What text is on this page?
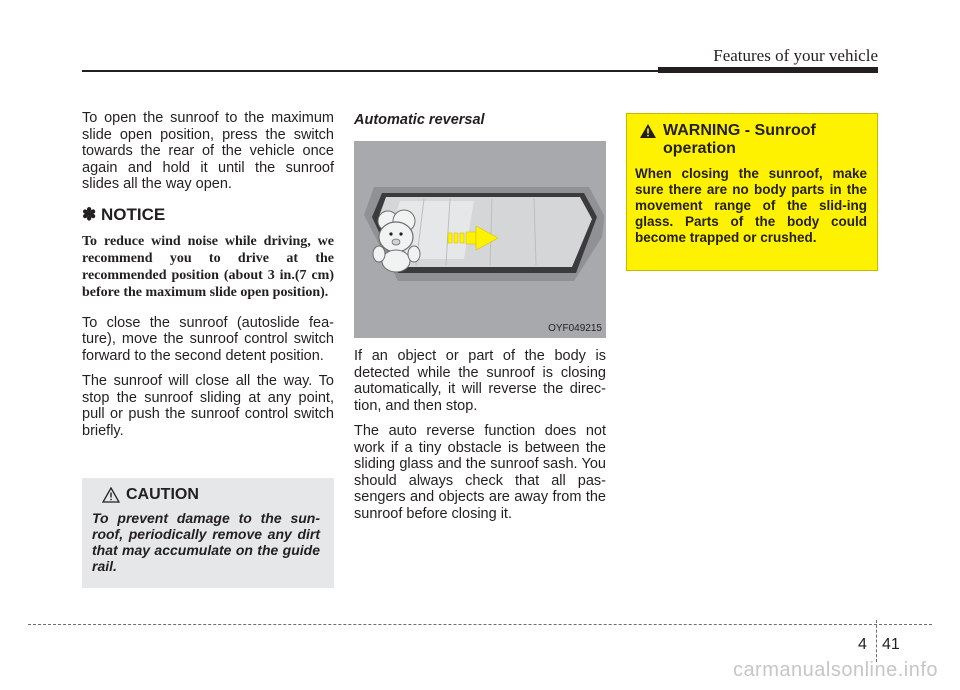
Features of your vehicle

To open the sunroof to the maximum slide open position, press the switch towards the rear of the vehicle once again and hold it until the sunroof slides all the way open.

✽ NOTICE

To reduce wind noise while driving, we recommend you to drive at the recommended position (about 3 in.(7 cm) before the maximum slide open position).

To close the sunroof (autoslide fea-ture), move the sunroof control switch forward to the second detent position.

The sunroof will close all the way. To stop the sunroof sliding at any point, pull or push the sunroof control switch briefly.

CAUTION

To prevent damage to the sun-roof, periodically remove any dirt that may accumulate on the guide rail.

Automatic reversal
OYF049215

If an object or part of the body is detected while the sunroof is closing automatically, it will reverse the direc-tion, and then stop.

The auto reverse function does not work if a tiny obstacle is between the sliding glass and the sunroof sash. You should always check that all pas-sengers and objects are away from the sunroof before closing it.

WARNING - Sunroof operation

When closing the sunroof, make sure there are no body parts in the movement range of the slid-ing glass. Parts of the body could become trapped or crushed.

4 41
carmanualsonline.info
